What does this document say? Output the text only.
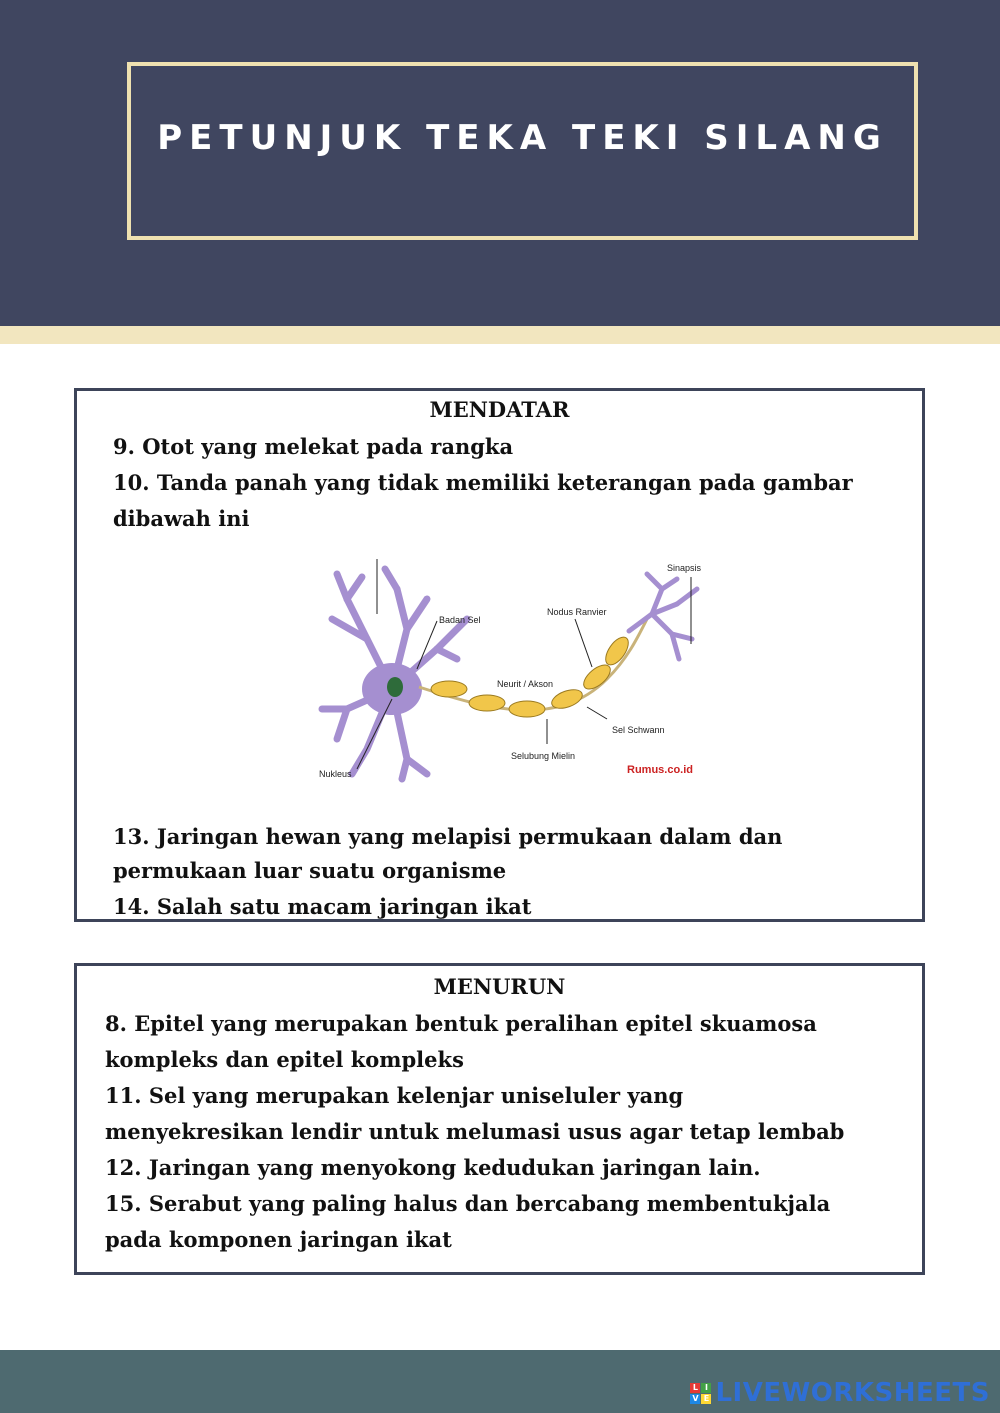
PETUNJUK TEKA TEKI SILANG
MENDATAR
9. Otot yang melekat pada rangka
10. Tanda panah yang tidak memiliki keterangan pada gambar
dibawah ini
Sinapsis
Badan Sel
Nodus Ranvier
Neurit / Akson
Sel Schwann
Selubung Mielin
Nukleus	Rumus.co.id
13. Jaringan hewan yang melapisi permukaan dalam dan
permukaan luar suatu organisme
14. Salah satu macam jaringan ikat
MENURUN
8. Epitel yang merupakan bentuk peralihan epitel skuamosa
kompleks dan epitel kompleks
11. Sel yang merupakan kelenjar uniseluler yang
menyekresikan lendir untuk melumasi usus agar tetap lembab
12. Jaringan yang menyokong kedudukan jaringan lain.
15. Serabut yang paling halus dan bercabang membentukjala
pada komponen jaringan ikat
L I
V E LIVEWORKSHEETS
